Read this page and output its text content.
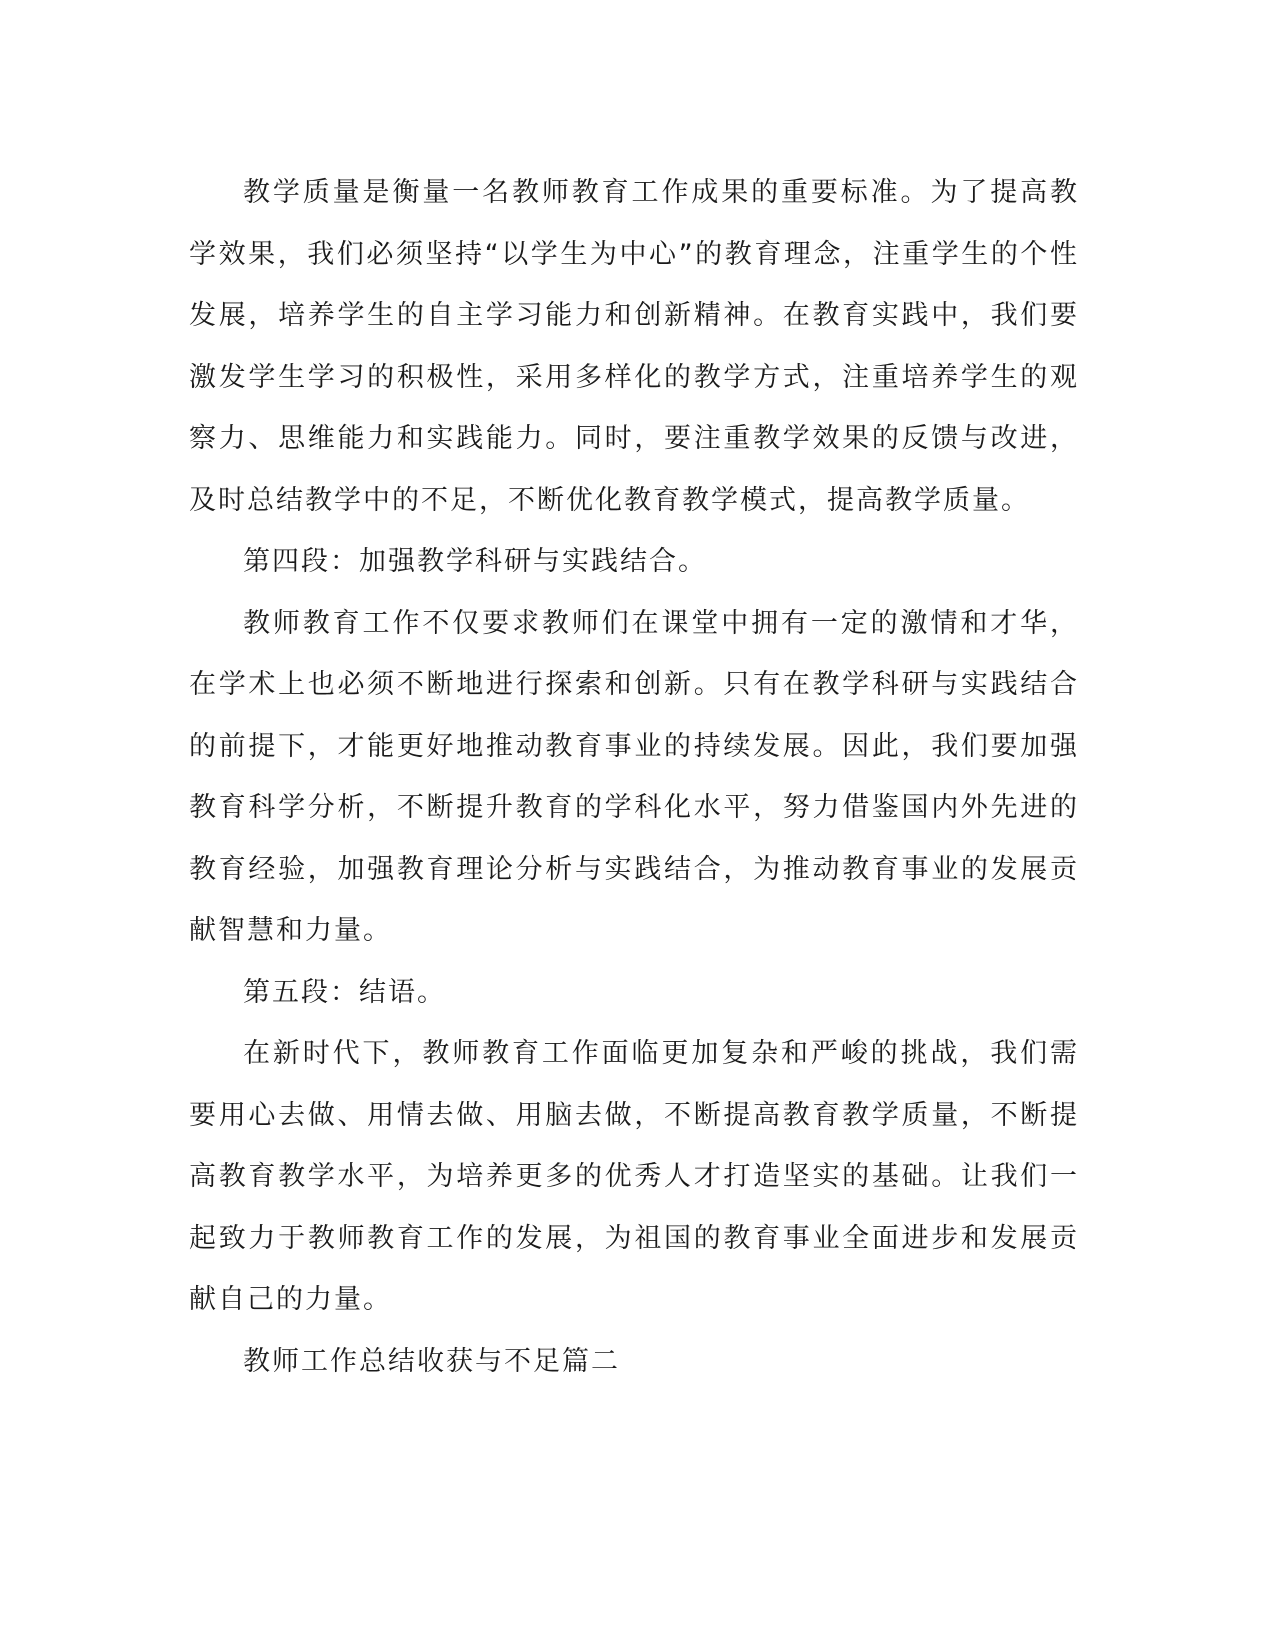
教学质量是衡量一名教师教育工作成果的重要标准。为了提高教学效果，我们必须坚持“以学生为中心”的教育理念，注重学生的个性发展，培养学生的自主学习能力和创新精神。在教育实践中，我们要激发学生学习的积极性，采用多样化的教学方式，注重培养学生的观察力、思维能力和实践能力。同时，要注重教学效果的反馈与改进，及时总结教学中的不足，不断优化教育教学模式，提高教学质量。

第四段：加强教学科研与实践结合。

教师教育工作不仅要求教师们在课堂中拥有一定的激情和才华，在学术上也必须不断地进行探索和创新。只有在教学科研与实践结合的前提下，才能更好地推动教育事业的持续发展。因此，我们要加强教育科学分析，不断提升教育的学科化水平，努力借鉴国内外先进的教育经验，加强教育理论分析与实践结合，为推动教育事业的发展贡献智慧和力量。

第五段：结语。

在新时代下，教师教育工作面临更加复杂和严峻的挑战，我们需要用心去做、用情去做、用脑去做，不断提高教育教学质量，不断提高教育教学水平，为培养更多的优秀人才打造坚实的基础。让我们一起致力于教师教育工作的发展，为祖国的教育事业全面进步和发展贡献自己的力量。

教师工作总结收获与不足篇二
